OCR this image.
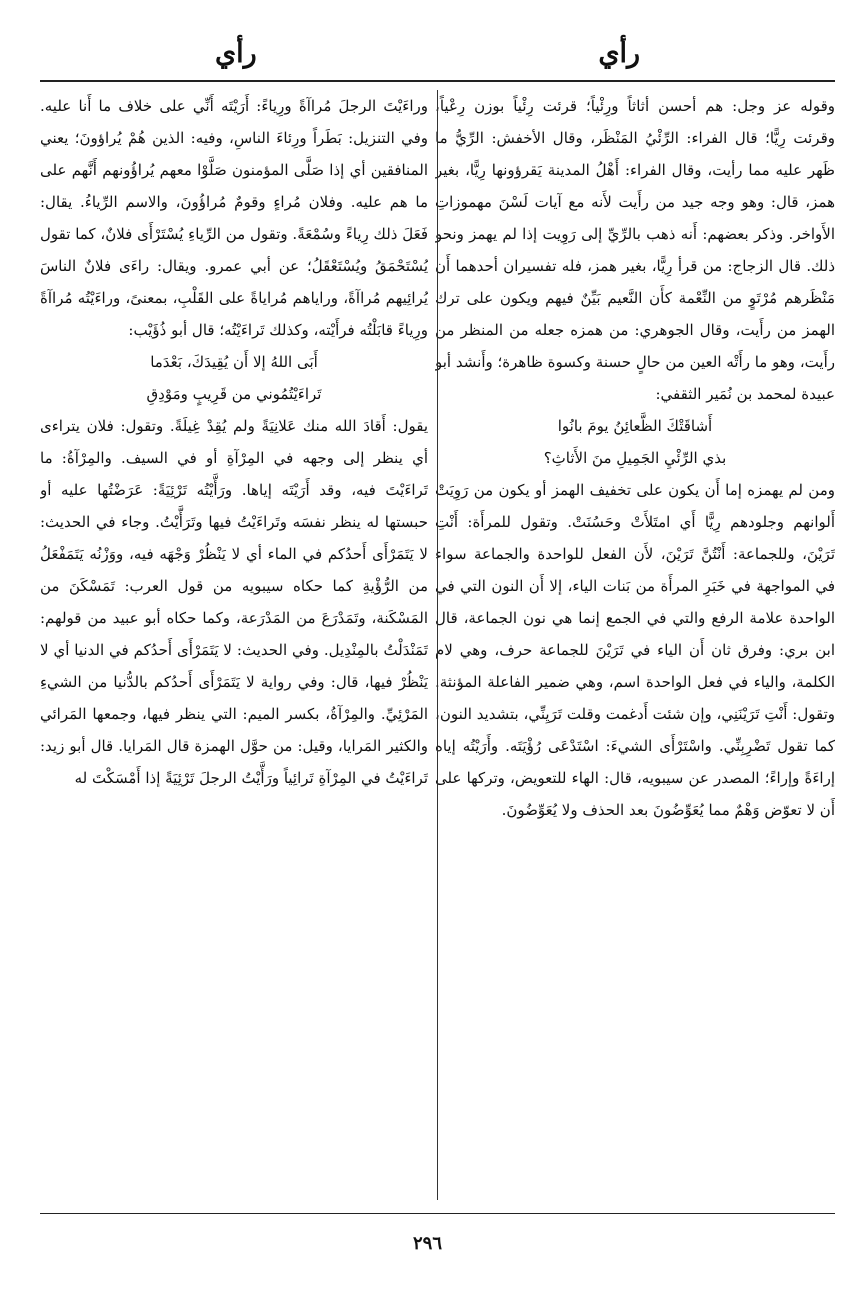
رأي
رأي

وقوله عز وجل: هم أحسن أثاثاً ورِئْياً؛ قرئت رِئْياً بوزن رِعْياً، وقرئت رِيًّا؛ قال الفراء: الرِّئْيُ المَنْظَر، وقال الأخفش: الرِّيُّ ما ظَهر عليه مما رأيت، وقال الفراء: أَهْلُ المدينة يَقرؤونها رِيًّا، بغير همز، قال: وهو وجه جيد من رأَيت لأَنه مع آيات لَسْنَ مهموزاتِ الأَواخر. وذكر بعضهم: أَنه ذهب بالرِّيِّ إلى رَوِيت إذا لم يهمز ونحو ذلك. قال الزجاج: من قرأ رِيًّا، بغير همز، فله تفسيران أحدهما أَن مَنْظَرهم مُرْتَوٍ من النِّعْمة كأَن النَّعيم بَيِّنٌ فيهم ويكون على ترك الهمز من رأَيت، وقال الجوهري: من همزه جعله من المنظر من رأَيت، وهو ما رأَتْه العين من حالٍ حسنة وكسوة ظاهرة؛ وأَنشد أبو عبيدة لمحمد بن نُمَير الثقفي:

أَشاقَتْكَ الظَّعائِنُ يومَ بانُوا

بذي الرِّئْيِ الجَمِيلِ منَ الأَثاثِ؟

ومن لم يهمزه إما أَن يكون على تخفيف الهمز أو يكون من رَوِيَتْ أَلوانهم وجلودهم رِيًّا أَي امتَلأَتْ وحَسُنَتْ. وتقول للمرأَة: أَنْتِ تَرَيْنَ، وللجماعة: أَنْتُنَّ تَرَيْنَ، لأَن الفعل للواحدة والجماعة سواء في المواجهة في خَبَرِ المرأَة من بَنات الياء، إلا أَن النون التي في الواحدة علامة الرفع والتي في الجمع إنما هي نون الجماعة، قال ابن بري: وفرق ثان أَن الياء في تَرَيْنَ للجماعة حرف، وهي لام الكلمة، والياء في فعل الواحدة اسم، وهي ضمير الفاعلة المؤنثة. وتقول: أَنْتِ تَرَيْنَنِي، وإن شئت أَدغمت وقلت تَرَيِنِّي، بتشديد النون، كما تقول تَضْرِبِنِّي. واسْتَرْأَى الشيءَ: اسْتَدْعَى رُؤْيَتَه. وأَرَيْتُه إياه إراءَةً وإراءً؛ المصدر عن سيبويه، قال: الهاء للتعويض، وتركها على أَن لا تعوّض وَهْمٌ مما يُعَوِّضُونَ بعد الحذف ولا يُعَوِّضُونَ.

وراءَيْتَ الرجلَ مُراآةً ورِياءً: أَرَيْتَه أَنِّي على خلاف ما أَنا عليه. وفي التنزيل: بَطَراً ورِئاءَ الناسِ، وفيه: الذين هُمْ يُراؤونَ؛ يعني المنافقين أي إذا صَلَّى المؤمنون صَلَّوْا معهم يُراؤُونهم أَنَّهم على ما هم عليه. وفلان مُراءٍ وقومٌ مُراؤُونَ، والاسم الرِّياءُ. يقال: فَعَلَ ذلك رِياءً وسُمْعَةً. وتقول من الرِّياءِ يُسْتَرْأَى فلانٌ، كما تقول يُسْتَحْمَقُ ويُسْتَعْقَلُ؛ عن أبي عمرو. ويقال: راءَى فلانٌ الناسَ يُرائِيهم مُراآةً، وراياهم مُراياةً على القَلْبِ، بمعنىً، وراءَيْتُه مُراآةً ورِياءً قابَلْتُه فرأَيْته، وكذلك تَراءَيْتُه؛ قال أبو ذُؤَيْب:

أَبَى اللهُ إلا أَن يُقِيدَكَ، بَعْدَما

تَراءَيْتُمُوني من قَرِيبٍ ومَوْدِقِ

يقول: أَقادَ الله منك عَلانِيَةً ولم يُقِدْ غِيلَةً. وتقول: فلان يتراءى أي ينظر إلى وجهه في المِرْآةِ أو في السيف. والمِرْآةُ: ما تَراءَيْتَ فيه، وقد أَرَيْتَه إياها. ورَأَّيْتُه تَرْئِيَةً: عَرَضْتُها عليه أو حبستها له ينظر نفسَه وتَراءَيْتُ فيها وتَرَأَّيْتُ. وجاء في الحديث: لا يَتَمَرْأَى أَحدُكم في الماء أي لا يَنْظُرْ وَجْهَه فيه، ووَزْنُه يَتَمَفْعَلُ من الرُّؤْيةِ كما حكاه سيبويه من قول العرب: تَمَسْكَنَ من المَسْكَنة، وتَمَدْرَعَ من المَدْرَعة، وكما حكاه أبو عبيد من قولهم: تَمَنْدَلْتُ بالمِنْدِيل. وفي الحديث: لا يَتَمَرْأَى أَحدُكم في الدنيا أي لا يَنْظُرْ فيها، قال: وفي رواية لا يَتَمَرْأَى أَحدُكم بالدُّنيا من الشيءِ المَرْئِيِّ. والمِرْآةُ، بكسر الميم: التي ينظر فيها، وجمعها المَرائي والكثير المَرايا، وقيل: من حوَّل الهمزة قال المَرايا. قال أبو زيد: تَراءَيْتُ في المِرْآةِ تَرائِياً ورَأَّيْتُ الرجلَ تَرْئِيَةً إذا أَمْسَكْتَ له

٢٩٦
